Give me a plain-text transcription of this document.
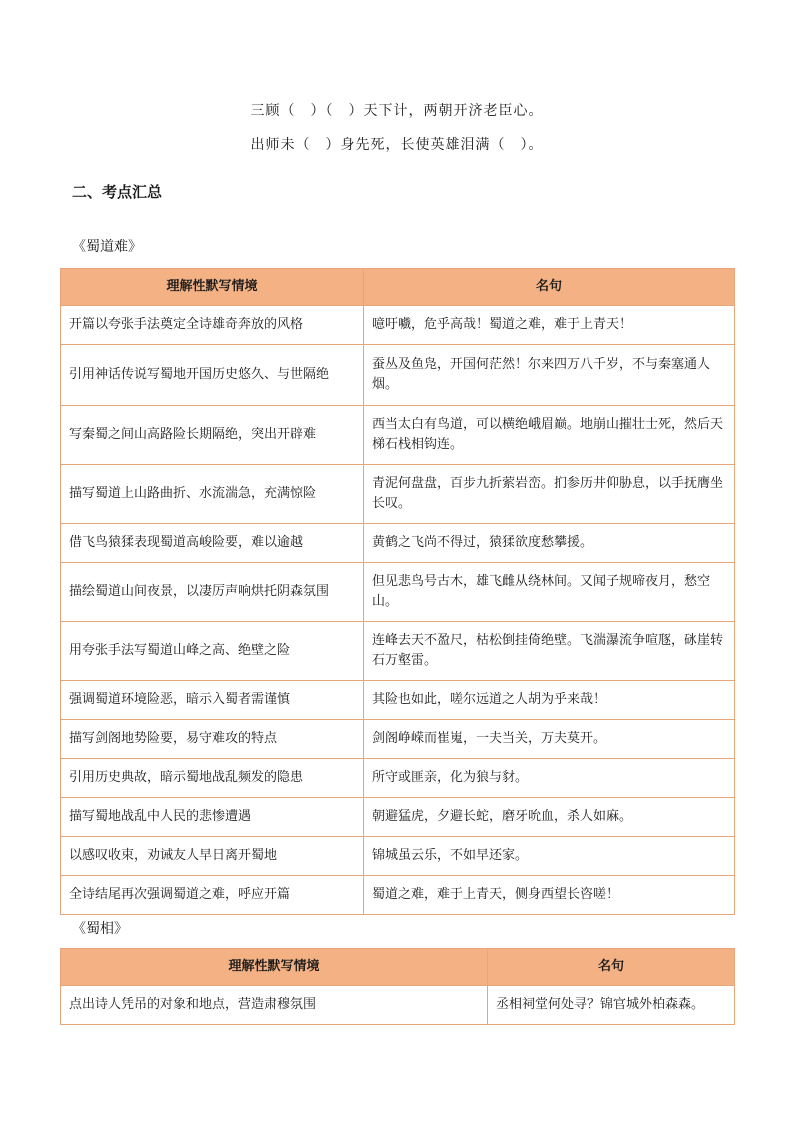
三顾（　）（　）天下计，两朝开济老臣心。
出师未（　）身先死，长使英雄泪满（　）。
二、考点汇总
《蜀道难》
理解性默写情境	名句
开篇以夸张手法奠定全诗雄奇奔放的风格	噫吁嚱，危乎高哉！蜀道之难，难于上青天！
引用神话传说写蜀地开国历史悠久、与世隔绝	蚕丛及鱼凫，开国何茫然！尔来四万八千岁，不与秦塞通人烟。
写秦蜀之间山高路险长期隔绝，突出开辟难	西当太白有鸟道，可以横绝峨眉巅。地崩山摧壮士死，然后天梯石栈相钩连。
描写蜀道上山路曲折、水流湍急，充满惊险	青泥何盘盘，百步九折萦岩峦。扪参历井仰胁息，以手抚膺坐长叹。
借飞鸟猿猱表现蜀道高峻险要，难以逾越	黄鹤之飞尚不得过，猿猱欲度愁攀援。
描绘蜀道山间夜景，以凄厉声响烘托阴森氛围	但见悲鸟号古木，雄飞雌从绕林间。又闻子规啼夜月，愁空山。
用夸张手法写蜀道山峰之高、绝壁之险	连峰去天不盈尺，枯松倒挂倚绝壁。飞湍瀑流争喧豗，砯崖转石万壑雷。
强调蜀道环境险恶，暗示入蜀者需谨慎	其险也如此，嗟尔远道之人胡为乎来哉！
描写剑阁地势险要，易守难攻的特点	剑阁峥嵘而崔嵬，一夫当关，万夫莫开。
引用历史典故，暗示蜀地战乱频发的隐患	所守或匪亲，化为狼与豺。
描写蜀地战乱中人民的悲惨遭遇	朝避猛虎，夕避长蛇，磨牙吮血，杀人如麻。
以感叹收束，劝诫友人早日离开蜀地	锦城虽云乐，不如早还家。
全诗结尾再次强调蜀道之难，呼应开篇	蜀道之难，难于上青天，侧身西望长咨嗟！
《蜀相》
理解性默写情境	名句
点出诗人凭吊的对象和地点，营造肃穆氛围	丞相祠堂何处寻？锦官城外柏森森。
